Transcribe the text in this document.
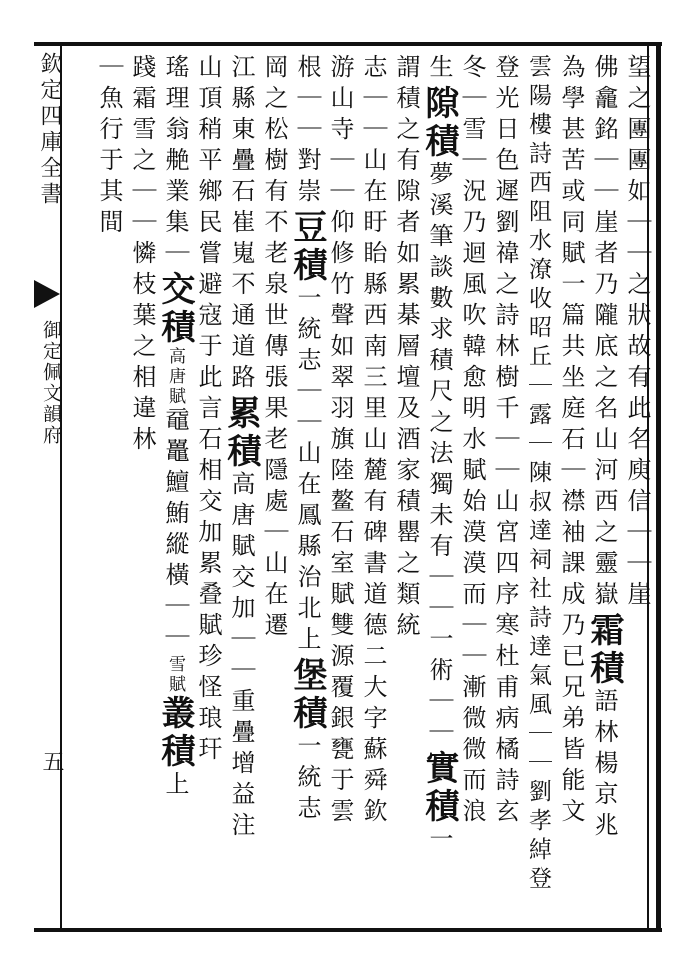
欽定四庫全書
御定佩文韻府
五
望之團團如｜｜之狀故有此名庾信｜｜崖
佛龕銘｜｜崖者乃隴底之名山河西之靈嶽霜積語林楊京兆
為學甚苦或同賦一篇共坐庭石｜襟袖課成乃已兄弟皆能文
雲陽樓詩西阻水潦收昭丘｜露｜陳叔達祠社詩達氣風｜｜劉孝綽登
登光日色遲劉禕之詩林樹千｜｜山宮四序寒杜甫病橘詩玄
冬｜雪｜況乃迴風吹韓愈明水賦始漠漠而｜｜漸微微而浪
生隙積夢溪筆談數求積尺之法獨未有｜｜一術｜｜實積一
謂積之有隙者如累棊層壇及酒家積罌之類統
志｜｜山在盱眙縣西南三里山麓有碑書道德二大字蘇舜欽
游山寺｜｜仰修竹聲如翠羽旗陸鳌石室賦雙源覆銀甕于雲
根｜｜對崇豆積一統志｜｜山在鳳縣治北上堡積一統志
岡之松樹有不老泉世傳張果老隱處｜山在遷
江縣東疊石崔嵬不通道路累積高唐賦交加｜｜重疊增益注
山頂稍平鄉民嘗避寇于此言石相交加累叠賦珍怪琅玕
瑤理翁艴業集｜交積高唐賦黿鼉鱣鮪縱橫｜｜雪賦叢積上
踐霜雪之｜｜憐枝葉之相違林
｜魚行于其間
